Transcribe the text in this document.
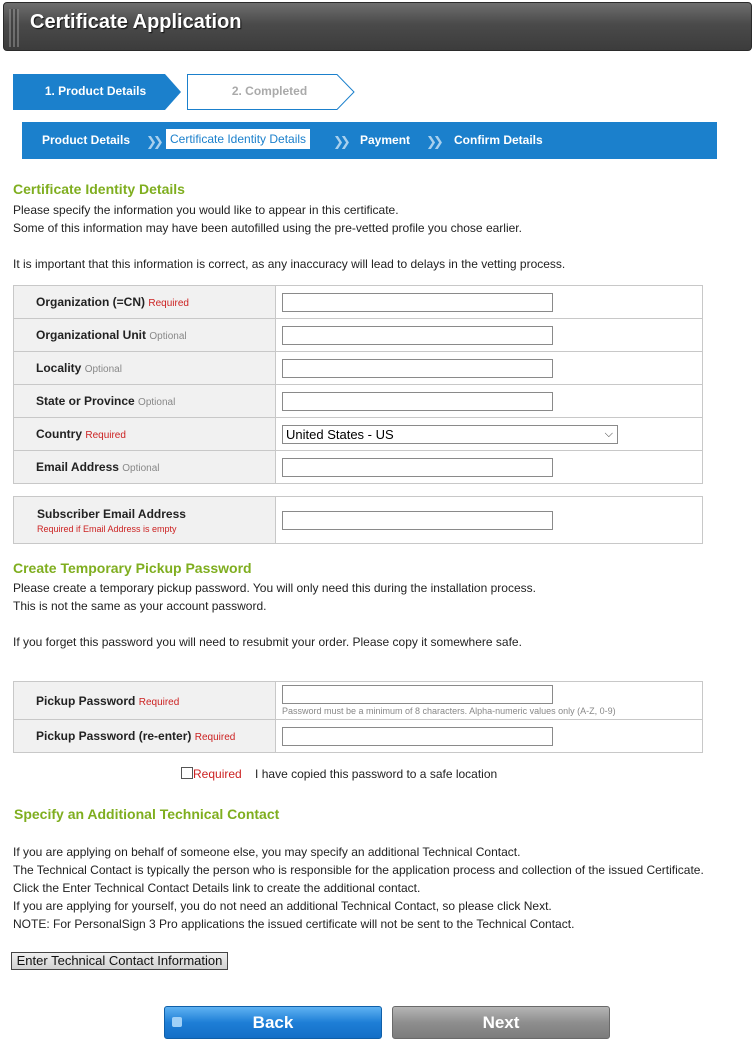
Certificate Application
1. Product Details	2. Completed
Product Details ❯❯ Certificate Identity Details	❯❯ Payment ❯❯ Confirm Details
Certificate Identity Details
Please specify the information you would like to appear in this certificate.
Some of this information may have been autofilled using the pre-vetted profile you chose earlier.
It is important that this information is correct, as any inaccuracy will lead to delays in the vetting process.
Organization (=CN) Required	

Organizational Unit Optional	

Locality Optional	

State or Province Optional	

Country Required	United States - US ⌵

Email Address Optional	
Subscriber Email Address
Required if Email Address is empty

Create Temporary Pickup Password
Please create a temporary pickup password. You will only need this during the installation process.
This is not the same as your account password.
If you forget this password you will need to resubmit your order. Please copy it somewhere safe.
Pickup Password Required	Password must be a minimum of 8 characters. Alpha-numeric values only (A-Z, 0-9)

Pickup Password (re-enter) Required	
Required I have copied this password to a safe location
Specify an Additional Technical Contact
If you are applying on behalf of someone else, you may specify an additional Technical Contact.
The Technical Contact is typically the person who is responsible for the application process and collection of the issued Certificate.
Click the Enter Technical Contact Details link to create the additional contact.
If you are applying for yourself, you do not need an additional Technical Contact, so please click Next.
NOTE: For PersonalSign 3 Pro applications the issued certificate will not be sent to the Technical Contact.
Enter Technical Contact Information
Back	Next
